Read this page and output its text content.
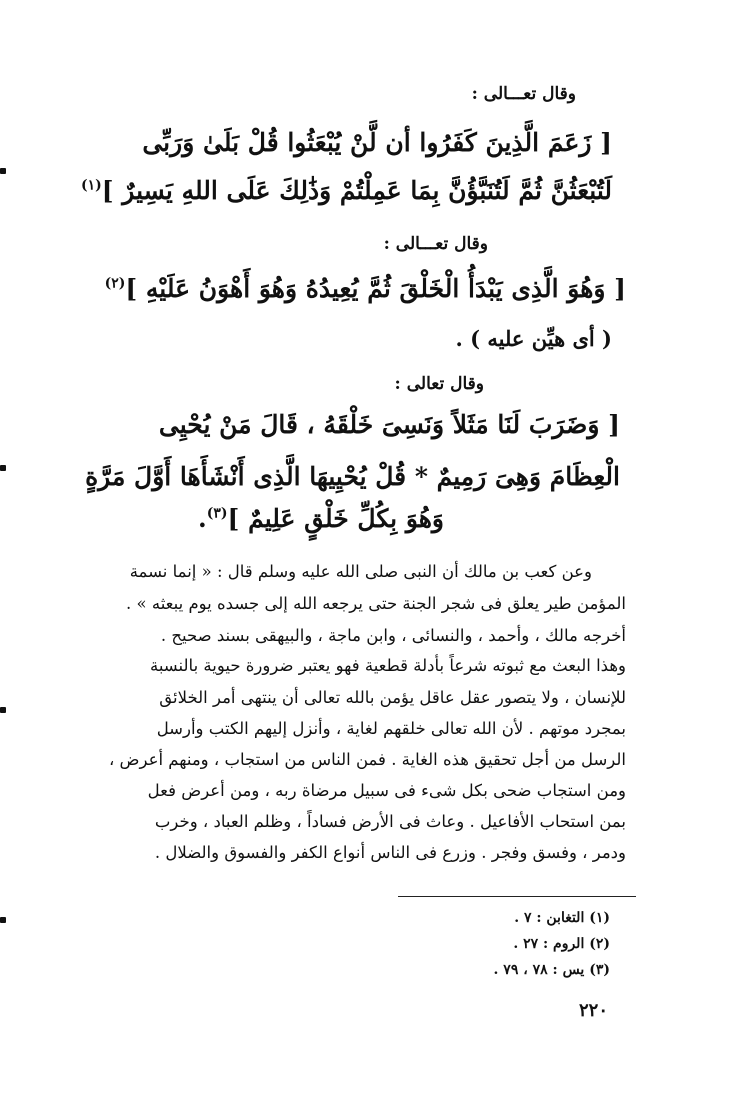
وقال تعـــالى :
[ زَعَمَ الَّذِينَ كَفَرُوا أن لَّنْ يُبْعَثُوا قُلْ بَلَىٰ وَرَبِّى
لَتُبْعَثُنَّ ثُمَّ لَتُنَبَّؤُنَّ بِمَا عَمِلْتُمْ وَذَٰلِكَ عَلَى اللهِ يَسِيرٌ ]$^{(١)}$
وقال تعـــالى :
[ وَهُوَ الَّذِى يَبْدَأُ الْخَلْقَ ثُمَّ يُعِيدُهُ وَهُوَ أَهْوَنُ عَلَيْهِ ]$^{(٢)}$
( أى هيِّن عليه ) .
وقال تعالى :
[ وَضَرَبَ لَنَا مَثَلاً وَنَسِىَ خَلْقَهُ ، قَالَ مَنْ يُحْيِى
الْعِظَامَ وَهِىَ رَمِيمٌ * قُلْ يُحْيِيهَا الَّذِى أَنْشَأَهَا أَوَّلَ مَرَّةٍ
وَهُوَ بِكُلِّ خَلْقٍ عَلِيمٌ ]$^{(٣)}$.
وعن كعب بن مالك أن النبى صلى الله عليه وسلم قال : « إنما نسمة
المؤمن طير يعلق فى شجر الجنة حتى يرجعه الله إلى جسده يوم يبعثه » .
أخرجه مالك ، وأحمد ، والنسائى ، وابن ماجة ، والبيهقى بسند صحيح .
وهذا البعث مع ثبوته شرعاً بأدلة قطعية فهو يعتبر ضرورة حيوية بالنسبة
للإنسان ، ولا يتصور عقل عاقل يؤمن بالله تعالى أن ينتهى أمر الخلائق
بمجرد موتهم . لأن الله تعالى خلقهم لغاية ، وأنزل إليهم الكتب وأرسل
الرسل من أجل تحقيق هذه الغاية . فمن الناس من استجاب ، ومنهم أعرض ،
ومن استجاب ضحى بكل شىء فى سبيل مرضاة ربه ، ومن أعرض فعل
بمن استحاب الأفاعيل . وعاث فى الأرض فساداً ، وظلم العباد ، وخرب
ودمر ، وفسق وفجر . وزرع فى الناس أنواع الكفر والفسوق والضلال .
(١) التغابن : ٧ .
(٢) الروم : ٢٧ .
(٣) يس : ٧٨ ، ٧٩ .
٢٢٠
